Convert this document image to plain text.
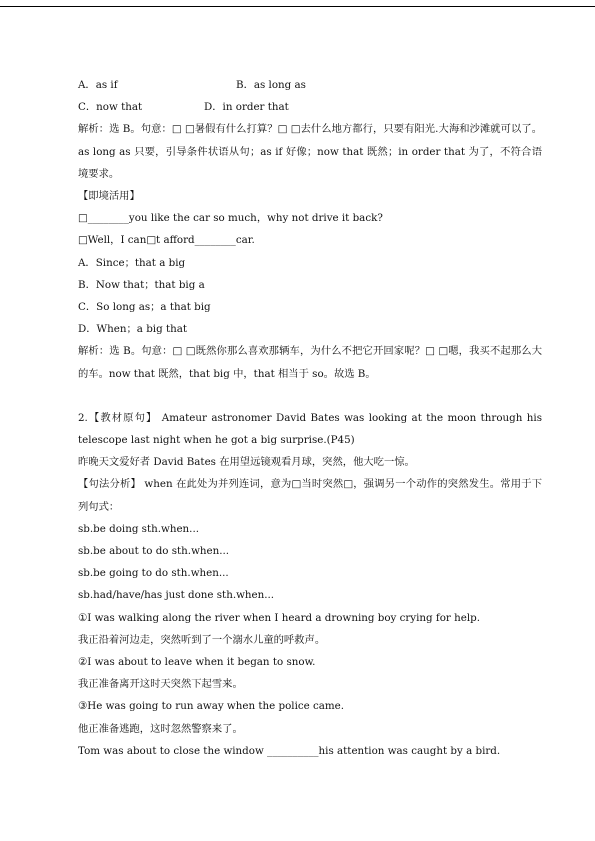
A．as if	B．as long as
C．now that	D．in order that
解析：选 B。句意：□ □暑假有什么打算？□ □去什么地方都行，只要有阳光.大海和沙滩就可以了。as long as 只要，引导条件状语从句；as if 好像；now that 既然；in order that 为了，不符合语境要求。
【即境活用】
□________you like the car so much，why not drive it back?
□Well，I can□t afford________car.
A．Since；that a big
B．Now that；that big a
C．So long as；a that big
D．When；a big that
解析：选 B。句意：□ □既然你那么喜欢那辆车，为什么不把它开回家呢？□ □嗯，我买不起那么大的车。now that 既然，that big 中，that 相当于 so。故选 B。
2.【教材原句】 Amateur astronomer David Bates was looking at the moon through his telescope last night when he got a big surprise.(P45)
昨晚天文爱好者 David Bates 在用望远镜观看月球，突然，他大吃一惊。
【句法分析】 when 在此处为并列连词，意为□当时突然□，强调另一个动作的突然发生。常用于下列句式：
sb.be doing sth.when...
sb.be about to do sth.when...
sb.be going to do sth.when...
sb.had/have/has just done sth.when...
①I was walking along the river when I heard a drowning boy crying for help.
我正沿着河边走，突然听到了一个溺水儿童的呼救声。
②I was about to leave when it began to snow.
我正准备离开这时天突然下起雪来。
③He was going to run away when the police came.
他正准备逃跑，这时忽然警察来了。
Tom was about to close the window __________his attention was caught by a bird.
